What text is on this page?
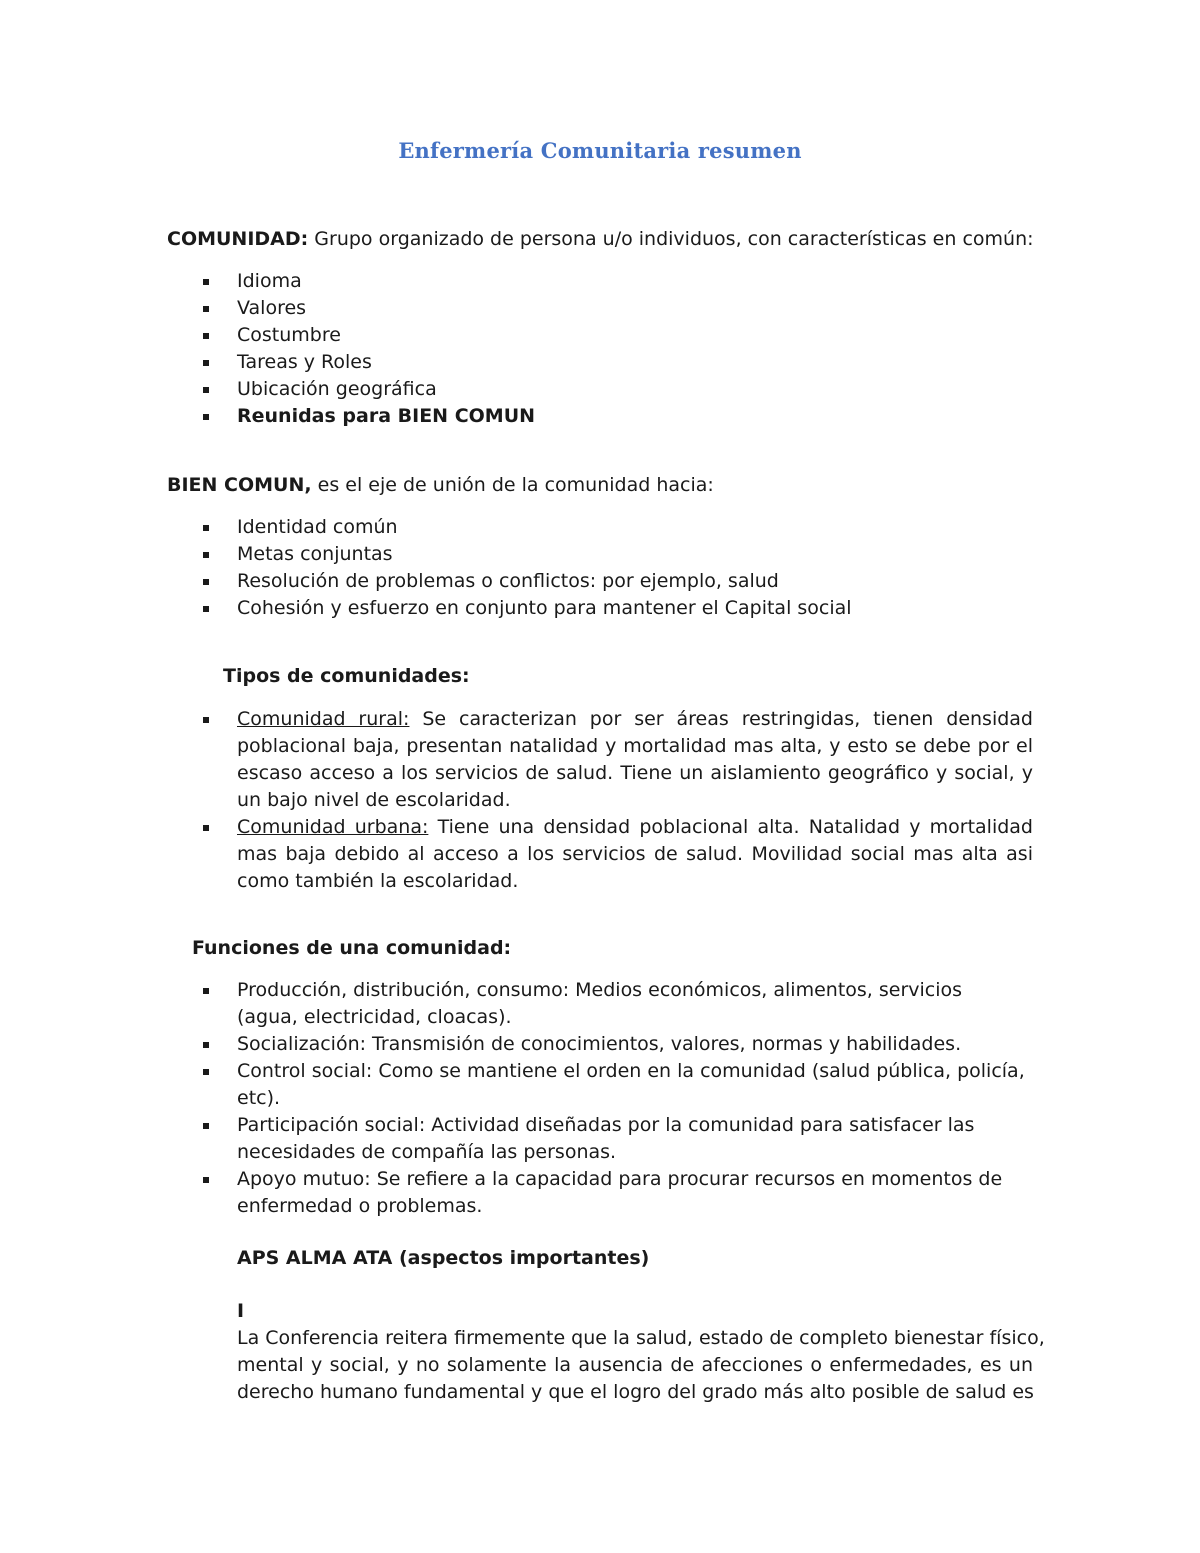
Enfermería Comunitaria resumen
COMUNIDAD: Grupo organizado de persona u/o individuos, con características en común:
Idioma
Valores
Costumbre
Tareas y Roles
Ubicación geográfica
Reunidas para BIEN COMUN
BIEN COMUN, es el eje de unión de la comunidad hacia:
Identidad común
Metas conjuntas
Resolución de problemas o conflictos: por ejemplo, salud
Cohesión y esfuerzo en conjunto para mantener el Capital social
Tipos de comunidades:
Comunidad rural: Se caracterizan por ser áreas restringidas, tienen densidad
poblacional baja, presentan natalidad y mortalidad mas alta, y esto se debe por el
escaso acceso a los servicios de salud. Tiene un aislamiento geográfico y social, y
un bajo nivel de escolaridad.
Comunidad urbana: Tiene una densidad poblacional alta. Natalidad y mortalidad
mas baja debido al acceso a los servicios de salud. Movilidad social mas alta asi
como también la escolaridad.
Funciones de una comunidad:
Producción, distribución, consumo: Medios económicos, alimentos, servicios
(agua, electricidad, cloacas).
Socialización: Transmisión de conocimientos, valores, normas y habilidades.
Control social: Como se mantiene el orden en la comunidad (salud pública, policía,
etc).
Participación social: Actividad diseñadas por la comunidad para satisfacer las
necesidades de compañía las personas.
Apoyo mutuo: Se refiere a la capacidad para procurar recursos en momentos de
enfermedad o problemas.
APS ALMA ATA (aspectos importantes)
I
La Conferencia reitera firmemente que la salud, estado de completo bienestar físico,
mental y social, y no solamente la ausencia de afecciones o enfermedades, es un
derecho humano fundamental y que el logro del grado más alto posible de salud es
